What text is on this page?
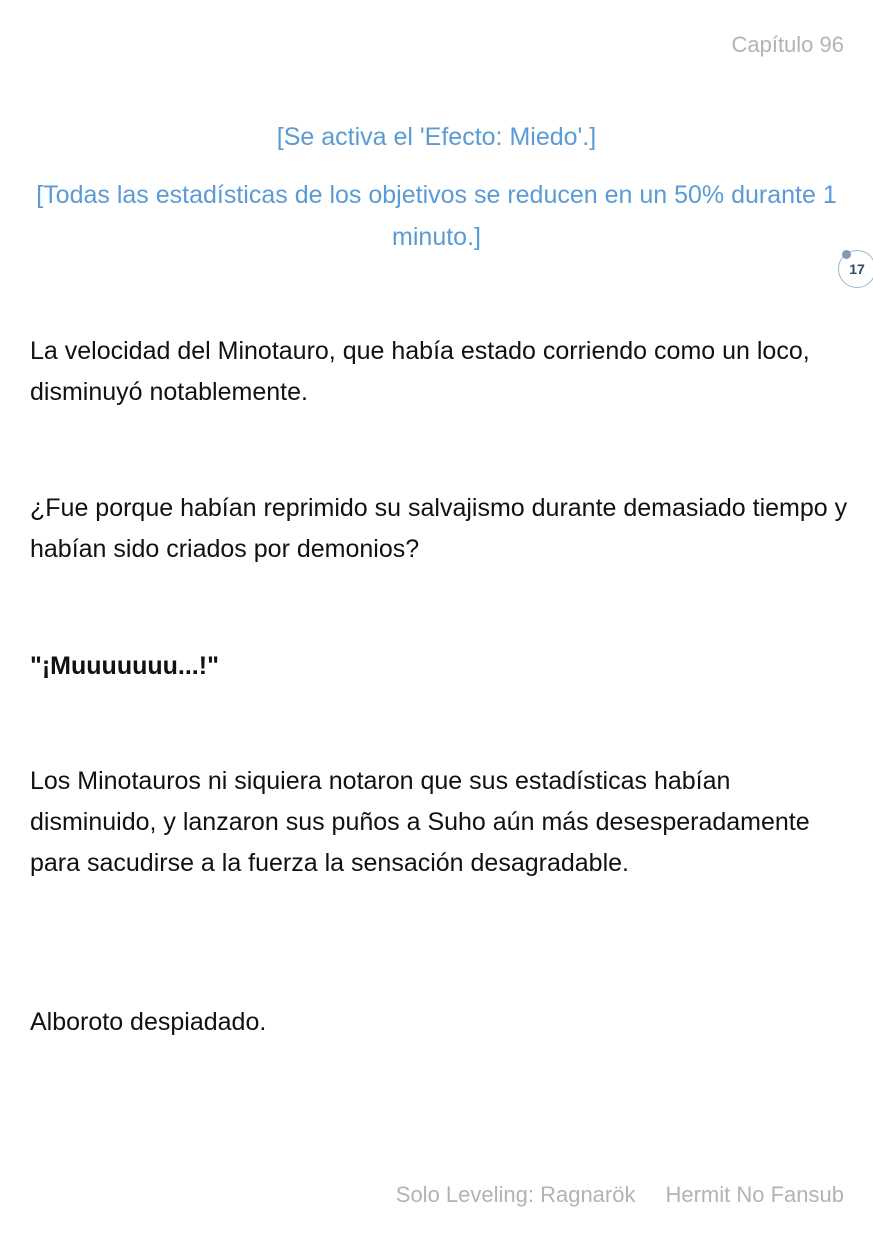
Capítulo 96
[Se activa el 'Efecto: Miedo'.]
[Todas las estadísticas de los objetivos se reducen en un 50% durante 1 minuto.]
17
La velocidad del Minotauro, que había estado corriendo como un loco, disminuyó notablemente.
¿Fue porque habían reprimido su salvajismo durante demasiado tiempo y habían sido criados por demonios?
"¡Muuuuuuu...!"
Los Minotauros ni siquiera notaron que sus estadísticas habían disminuido, y lanzaron sus puños a Suho aún más desesperadamente para sacudirse a la fuerza la sensación desagradable.
Alboroto despiadado.
Solo Leveling: Ragnarök Hermit No Fansub
